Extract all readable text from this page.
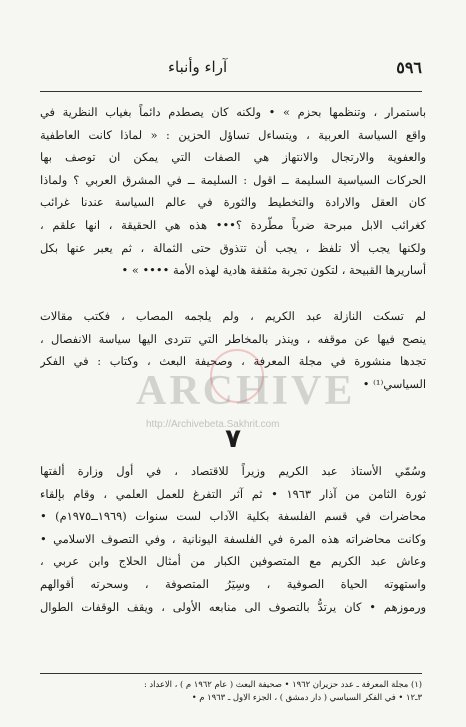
٥٩٦
آراء وأنباء
باستمرار ، وتنظمها بحزم » • ولكنه كان يصطدم دائماً بغياب النظرية في
واقع السياسة العربية ، ويتساءل تساؤل الحزين : « لماذا كانت العاطفية
والعفوية والارتجال والانتهاز هي الصفات التي يمكن ان توصف بها
الحركات السياسية السليمة ــ اقول : السليمة ــ في المشرق العربي ؟ ولماذا
كان العقل والارادة والتخطيط والثورة في عالم السياسة عندنا غرائب
كغرائب الابل مبرحة ضرباً مطّردة ؟••• هذه هي الحقيقة ، انها علقم ،
ولكنها يجب ألا تلفظ ، يجب أن تتذوق حتى الثمالة ، ثم يعبر عنها بكل
أساريرها القبيحة ، لتكون تجربة مثقفة هادية لهذه الأمة •••• » •
لم تسكت النازلة عبد الكريم ، ولم يلجمه المصاب ، فكتب مقالات
ينصح فيها عن موقفه ، وينذر بالمخاطر التي تتردى اليها سياسة الانفصال ،
تجدها منشورة في مجلة المعرفة ، وصحيفة البعث ، وكتاب : في الفكر
السياسي⁽¹⁾ •
ARCHIVE
http://Archivebeta.Sakhrit.com
٧
وسُمّي الأستاذ عبد الكريم وزيراً للاقتصاد ، في أول وزارة ألفتها
ثورة الثامن من آذار ١٩٦٣ • ثم آثر التفرغ للعمل العلمي ، وقام بإلقاء
محاضرات في قسم الفلسفة بكلية الآداب لست سنوات (١٩٦٩ــ١٩٧٥م) •
وكانت محاضراته هذه المرة في الفلسفة اليونانية ، وفي التصوف الاسلامي •
وعاش عبد الكريم مع المتصوفين الكبار من أمثال الحلاج وابن عربي ،
واستهوته الحياة الصوفية ، وسِيَرُ المتصوفة ، وسحرته أقوالهم
ورموزهم • كان يرتدُّ بالتصوف الى منابعه الأولى ، ويقف الوقفات الطوال
(١) مجلة المعرفة ـ عدد حزيران ١٩٦٢ • صحيفة البعث ( عام ١٩٦٢ م ) ، الاعداد :
٣ـ١٢ • في الفكر السياسي ( دار دمشق ) ، الجزء الاول ـ ١٩٦٣ م •
